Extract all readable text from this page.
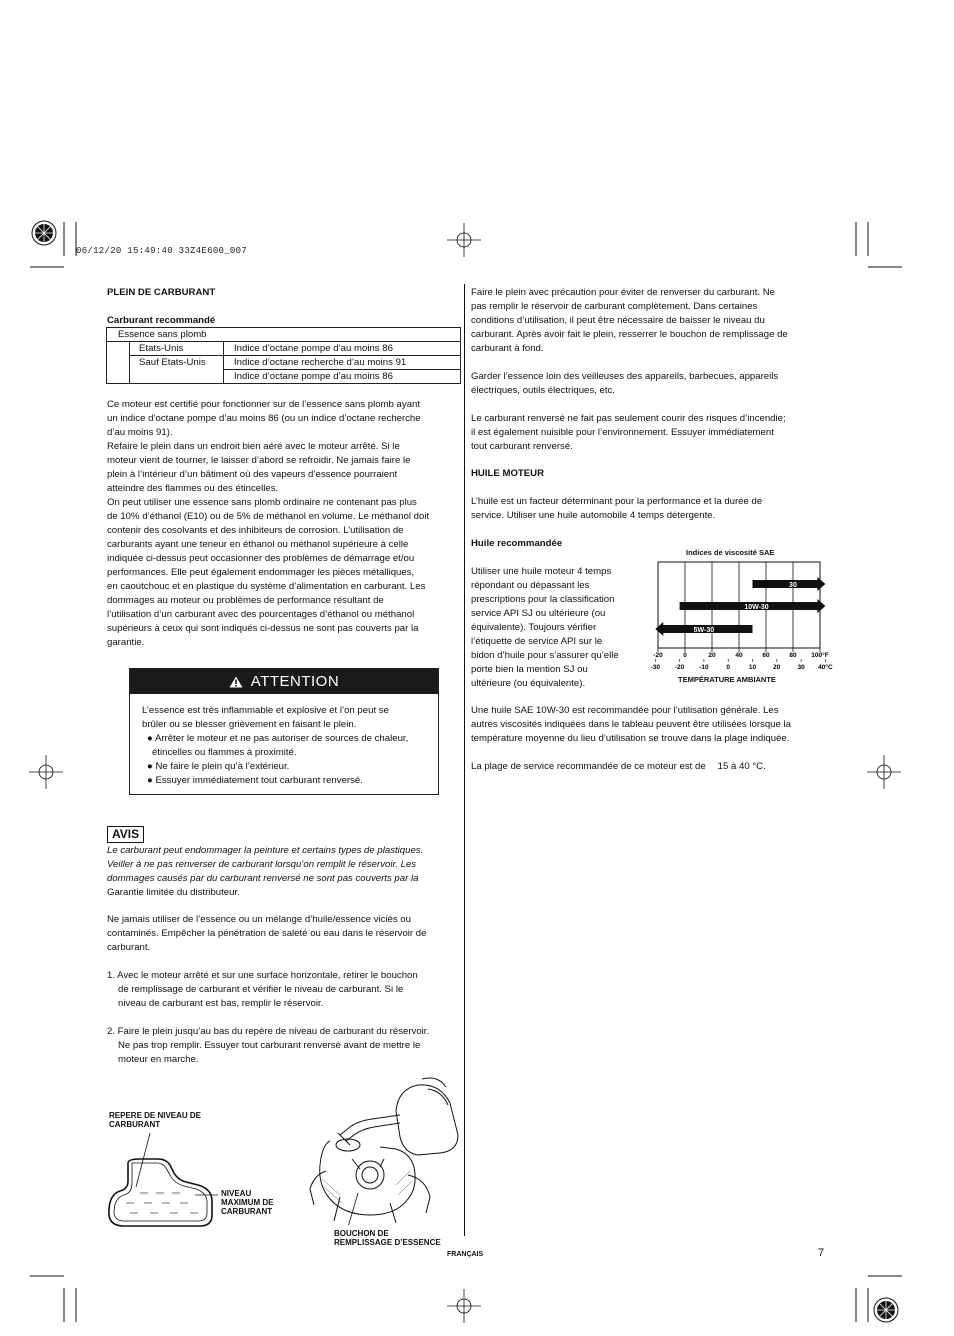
06/12/20 15:49:40 33Z4E600_007
PLEIN DE CARBURANT
Carburant recommandé
Essence sans plomb		
	Etats-Unis	Indice d’octane pompe d’au moins 86
	Sauf Etats-Unis	Indice d’octane recherche d’au moins 91
		Indice d’octane pompe d’au moins 86
Ce moteur est certifié pour fonctionner sur de l’essence sans plomb ayant
un indice d’octane pompe d’au moins 86 (ou un indice d’octane recherche
d’au moins 91).
Refaire le plein dans un endroit bien aéré avec le moteur arrêté. Si le
moteur vient de tourner, le laisser d’abord se refroidir. Ne jamais faire le
plein à l’intérieur d’un bâtiment où des vapeurs d’essence pourraient
atteindre des flammes ou des étincelles.
On peut utiliser une essence sans plomb ordinaire ne contenant pas plus
de 10% d’éthanol (E10) ou de 5% de méthanol en volume. Le méthanol doit
contenir des cosolvants et des inhibiteurs de corrosion. L’utilisation de
carburants ayant une teneur en éthanol ou méthanol supérieure à celle
indiquée ci-dessus peut occasionner des problèmes de démarrage et/ou
performances. Elle peut également endommager les pièces métalliques,
en caoutchouc et en plastique du système d’alimentation en carburant. Les
dommages au moteur ou problèmes de performance résultant de
l’utilisation d’un carburant avec des pourcentages d’éthanol ou méthanol
supérieurs à ceux qui sont indiqués ci-dessus ne sont pas couverts par la
garantie.
ATTENTION
L’essence est très inflammable et explosive et l’on peut se
brûler ou se blesser grièvement en faisant le plein.

● Arrêter le moteur et ne pas autoriser de sources de chaleur,

étincelles ou flammes à proximité.

● Ne faire le plein qu’à l’extérieur.

● Essuyer immédiatement tout carburant renversé.

AVIS
Le carburant peut endommager la peinture et certains types de plastiques.
Veiller à ne pas renverser de carburant lorsqu’on remplit le réservoir. Les
dommages causés par du carburant renversé ne sont pas couverts par la
Garantie limitée du distributeur.
Ne jamais utiliser de l’essence ou un mélange d’huile/essence viciés ou
contaminés. Empêcher la pénétration de saleté ou eau dans le réservoir de
carburant.
1. Avec le moteur arrêté et sur une surface horizontale, retirer le bouchon
de remplissage de carburant et vérifier le niveau de carburant. Si le
niveau de carburant est bas, remplir le réservoir.
2. Faire le plein jusqu’au bas du repère de niveau de carburant du réservoir.
Ne pas trop remplir. Essuyer tout carburant renversé avant de mettre le
moteur en marche.
REPERE DE NIVEAU DE
CARBURANT
NIVEAU
MAXIMUM DE
CARBURANT
BOUCHON DE
REMPLISSAGE D’ESSENCE
Faire le plein avec précaution pour éviter de renverser du carburant. Ne
pas remplir le réservoir de carburant complètement. Dans certaines
conditions d’utilisation, il peut être nécessaire de baisser le niveau du
carburant. Après avoir fait le plein, resserrer le bouchon de remplissage de
carburant à fond.
Garder l’essence loin des veilleuses des appareils, barbecues, appareils
électriques, outils électriques, etc.
Le carburant renversé ne fait pas seulement courir des risques d’incendie;
il est également nuisible pour l’environnement. Essuyer immédiatement
tout carburant renversé.
HUILE MOTEUR
L’huile est un facteur déterminant pour la performance et la durée de
service. Utiliser une huile automobile 4 temps détergente.
Huile recommandée
Utiliser une huile moteur 4 temps
répondant ou dépassant les
prescriptions pour la classification
service API SJ ou ultérieure (ou
équivalente). Toujours vérifier
l’étiquette de service API sur le
bidon d’huile pour s’assurer qu’elle
porte bien la mention SJ ou
ultérieure (ou équivalente).
Indices de viscosité SAE
30
10W-30
5W-30
-20	0	20	40	60	80 100°F
-30 -20 -10	0	10	20	30 40°C
TEMPÉRATURE AMBIANTE
Une huile SAE 10W-30 est recommandée pour l’utilisation générale. Les
autres viscosités indiquées dans le tableau peuvent être utilisées lorsque la
température moyenne du lieu d’utilisation se trouve dans la plage indiquée.
La plage de service recommandée de ce moteur est de 15 à 40 °C.
FRANÇAIS	7
